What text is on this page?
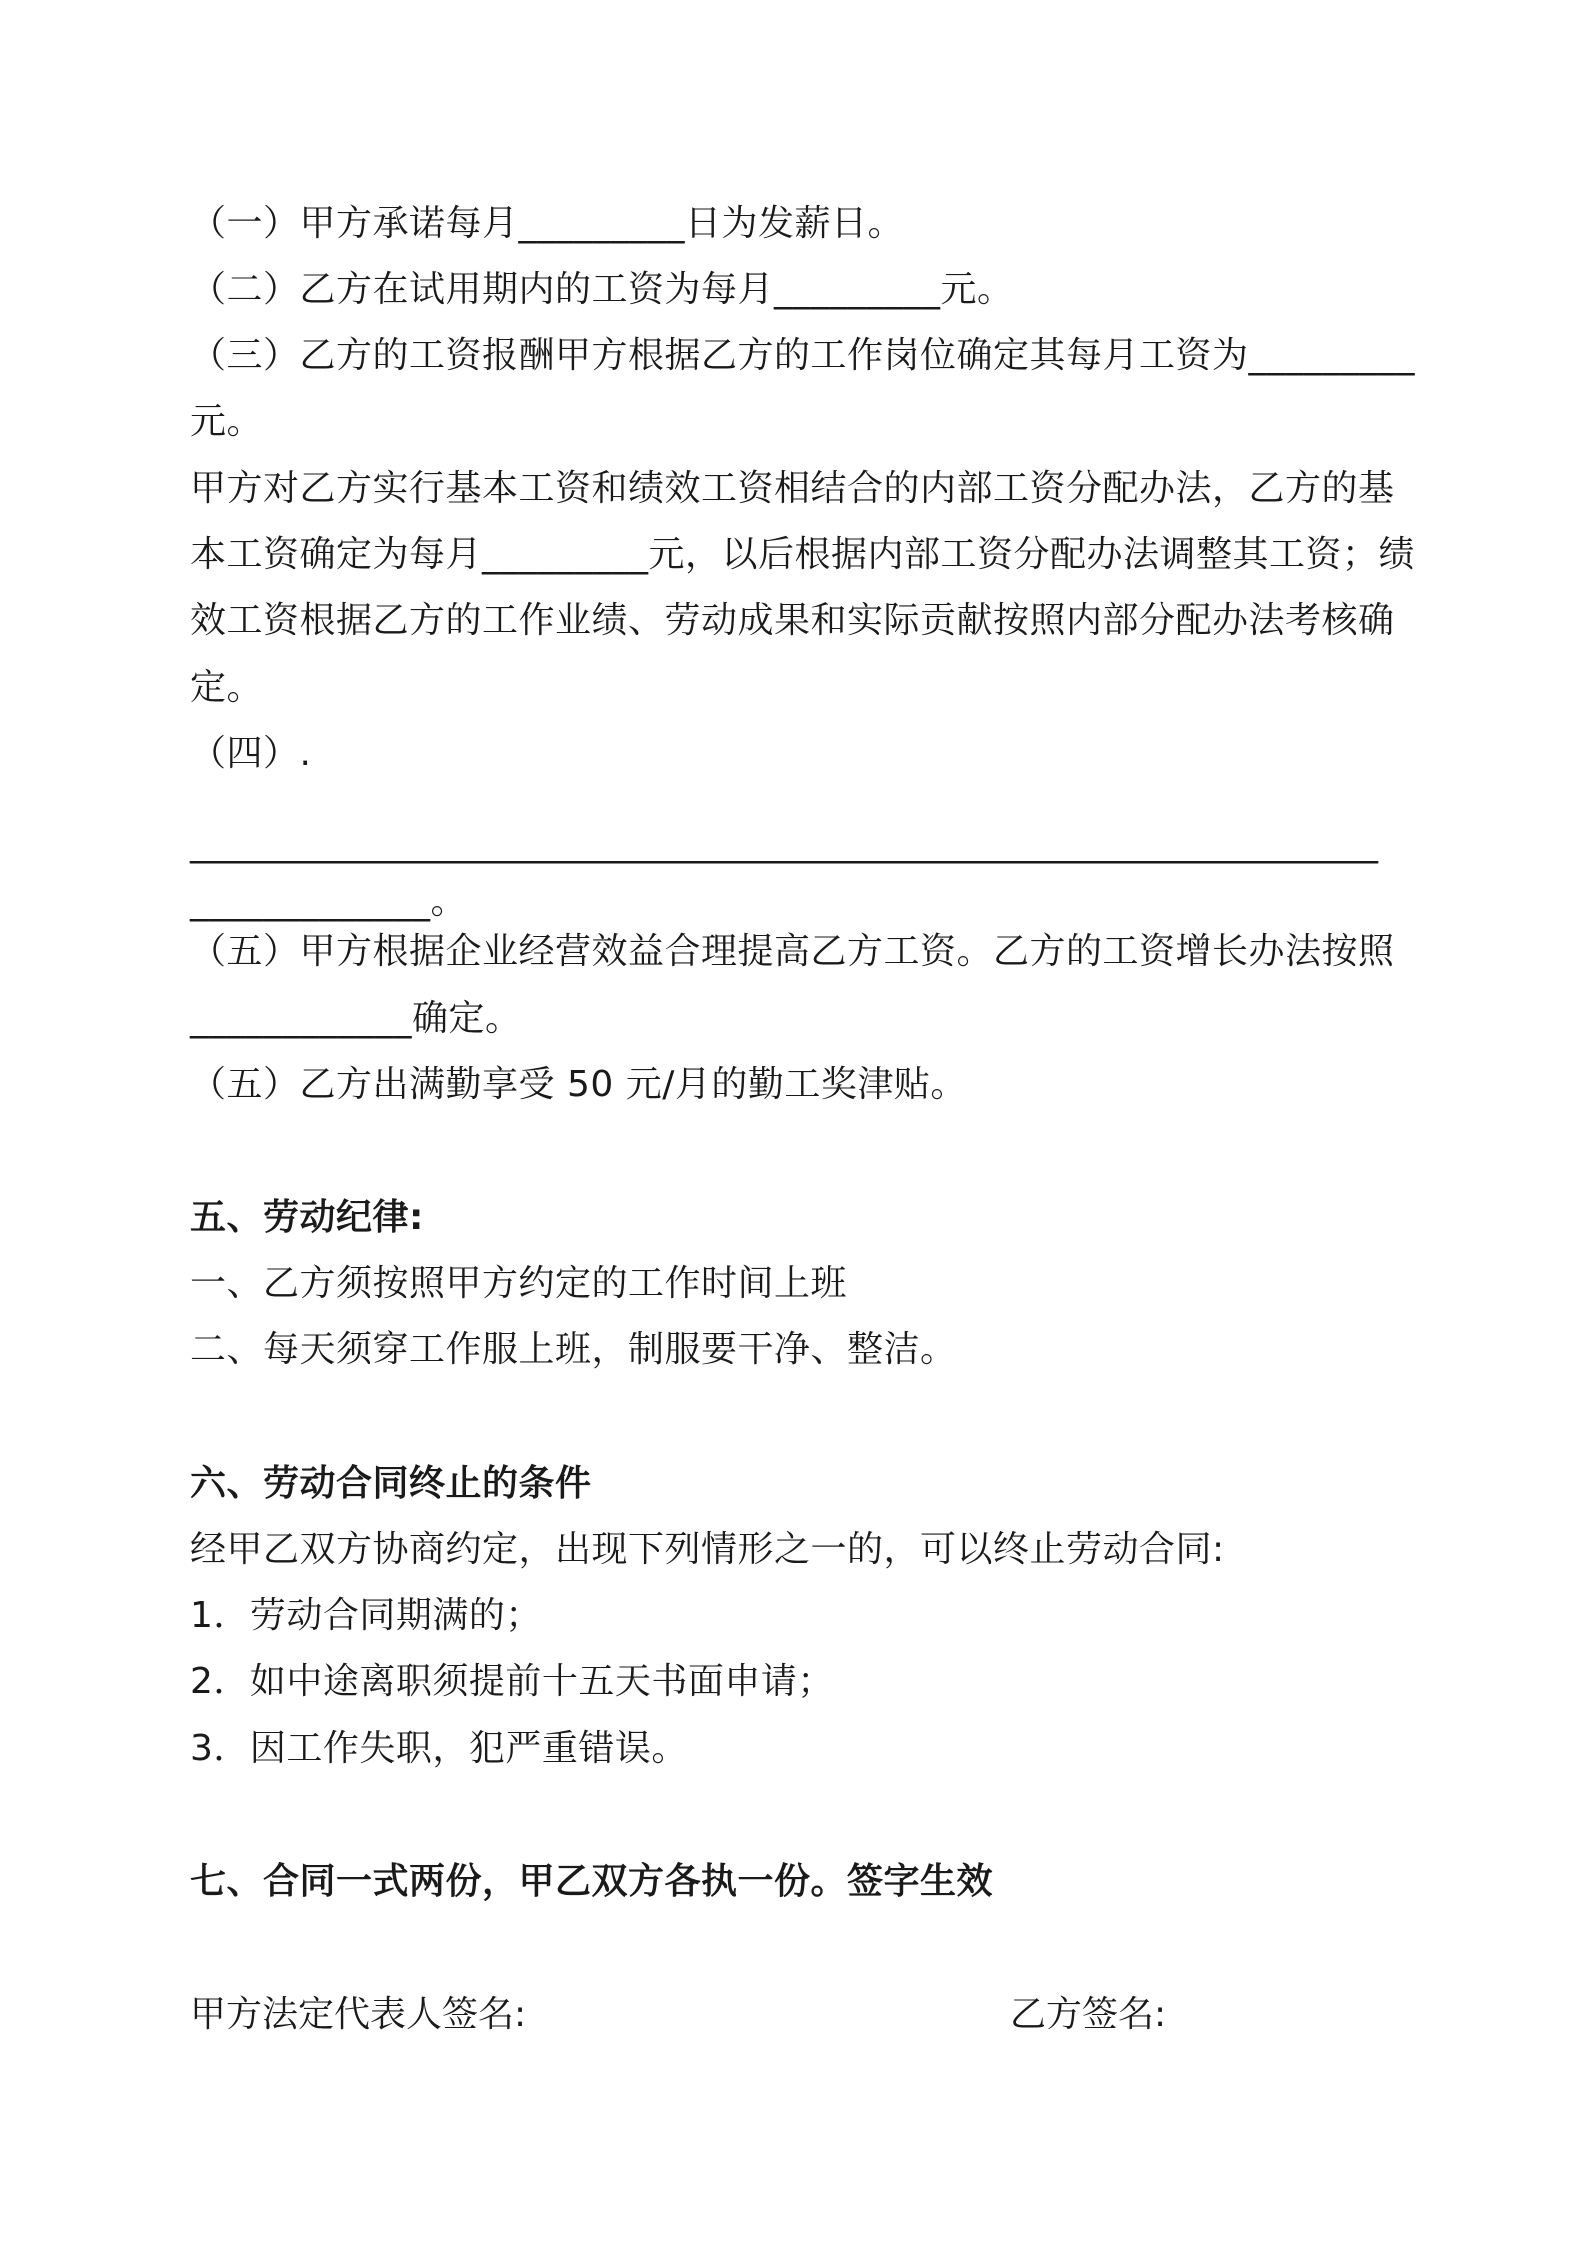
（一）甲方承诺每月_________日为发薪日。
（二）乙方在试用期内的工资为每月_________元。
（三）乙方的工资报酬甲方根据乙方的工作岗位确定其每月工资为_________
元。
甲方对乙方实行基本工资和绩效工资相结合的内部工资分配办法，乙方的基
本工资确定为每月_________元，以后根据内部工资分配办法调整其工资；绩
效工资根据乙方的工作业绩、劳动成果和实际贡献按照内部分配办法考核确
定。
（四）.
__________________________________________________________________
_____________。
（五）甲方根据企业经营效益合理提高乙方工资。乙方的工资增长办法按照
____________确定。
（五）乙方出满勤享受 50 元/月的勤工奖津贴。
五、劳动纪律:
一、乙方须按照甲方约定的工作时间上班
二、每天须穿工作服上班，制服要干净、整洁。
六、劳动合同终止的条件
经甲乙双方协商约定，出现下列情形之一的，可以终止劳动合同:
1．劳动合同期满的；
2．如中途离职须提前十五天书面申请；
3．因工作失职，犯严重错误。
七、合同一式两份，甲乙双方各执一份。签字生效
甲方法定代表人签名:	乙方签名:
